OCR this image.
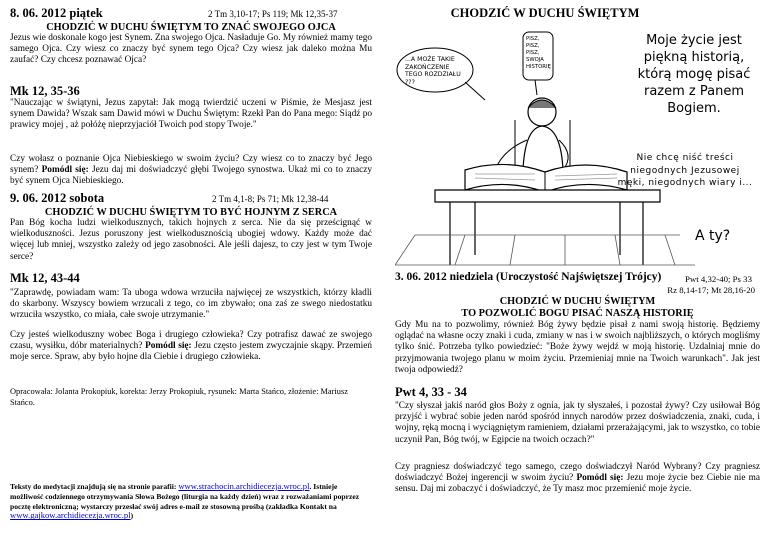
8. 06. 2012 piątek	2 Tm 3,10-17; Ps 119; Mk 12,35-37
CHODZIĆ W DUCHU ŚWIĘTYM TO ZNAĆ SWOJEGO OJCA
Jezus wie doskonale kogo jest Synem. Zna swojego Ojca. Nasładuje Go. My również mamy tego samego Ojca. Czy wiesz co znaczy być synem tego Ojca? Czy wiesz jak daleko można Mu zaufać? Czy chcesz poznawać Ojca?
Mk 12, 35-36
"Nauczając w świątyni, Jezus zapytał: Jak mogą twierdzić uczeni w Piśmie, że Mesjasz jest synem Dawida? Wszak sam Dawid mówi w Duchu Świętym: Rzekł Pan do Pana mego: Siądź po prawicy mojej , aż połóżę nieprzyjaciół Twoich pod stopy Twoje."
Czy wołasz o poznanie Ojca Niebieskiego w swoim życiu? Czy wiesz co to znaczy być Jego synem? Pomódl się: Jezu daj mi doświadczyć głębi Twojego synostwa. Ukaż mi co to znaczy być synem Ojca Niebieskiego.
9. 06. 2012 sobota	2 Tm 4,1-8; Ps 71; Mk 12,38-44
CHODZIĆ W DUCHU ŚWIĘTYM TO BYĆ HOJNYM Z SERCA
Pan Bóg kocha ludzi wielkodusznych, takich hojnych z serca. Nie da się prześcignąć w wielkoduszności. Jezus poruszony jest wielkodusznością ubogiej wdowy. Każdy może dać więcej lub mniej, wszystko zależy od jego zasobności. Ale jeśli dajesz, to czy jest w tym Twoje serce?
Mk 12, 43-44
"Zaprawdę, powiadam wam: Ta uboga wdowa wrzuciła najwięcej ze wszystkich, którzy kładli do skarbony. Wszyscy bowiem wrzucali z tego, co im zbywało; ona zaś ze swego niedostatku wrzuciła wszystko, co miała, całe swoje utrzymanie."
Czy jesteś wielkoduszny wobec Boga i drugiego człowieka? Czy potrafisz dawać ze swojego czasu, wysiłku, dóbr materialnych? Pomódl się: Jezu często jestem zwyczajnie skąpy. Przemień moje serce. Spraw, aby było hojne dla Ciebie i drugiego człowieka.
Opracowała: Jolanta Prokopiuk, korekta: Jerzy Prokopiuk, rysunek: Marta Stańco, złożenie: Mariusz Stańco.
Teksty do medytacji znajdują się na stronie parafii: www.strachocin.archidiecezja.wroc.pl. Istnieje możliwość codziennego otrzymywania Słowa Bożego (liturgia na każdy dzień) wraz z rozważaniami poprzez pocztę elektroniczną; wystarczy przesłać swój adres e-mail ze stosowną prośbą (zakładka Kontakt na www.gajkow.archidiecezja.wroc.pl)
CHODZIĆ W DUCHU ŚWIĘTYM
...A MOŻE TAKIE ZAKOŃCZENIE TEGO ROZDZIAŁU ???
PISZ, PISZ, PISZ, SWOJA HISTORIĘ
Moje życie jest piękną historią, którą mogę pisać razem z Panem Bogiem.
Nie chcę niść treści niegodnych Jezusowej męki, niegodnych wiary i...
A ty?
3. 06. 2012 niedziela (Uroczystość Najświętszej Trójcy)	Pwt 4,32-40; Ps 33
Rz 8,14-17; Mt 28,16-20
CHODZIĆ W DUCHU ŚWIĘTYM
TO POZWOLIĆ BOGU PISAĆ NASZĄ HISTORIĘ
Gdy Mu na to pozwolimy, również Bóg żywy będzie pisał z nami swoją historię. Będziemy oglądać na własne oczy znaki i cuda, zmiany w nas i w swoich najbliższych, o których mogliśmy tylko śnić. Potrzeba tylko powiedzieć: "Boże żywy wejdź w moją historię. Uzdalniaj mnie do przyjmowania twojego planu w moim życiu. Przemieniaj mnie na Twoich warunkach". Jak jest twoja odpowiedź?
Pwt 4, 33 - 34
"Czy słyszał jakiś naród głos Boży z ognia, jak ty słyszałeś, i pozostał żywy? Czy usiłował Bóg przyjść i wybrać sobie jeden naród spośród innych narodów przez doświadczenia, znaki, cuda, i wojny, ręką mocną i wyciągniętym ramieniem, działami przerażającymi, jak to wszystko, co tobie uczynił Pan, Bóg twój, w Egipcie na twoich oczach?"
Czy pragniesz doświadczyć tego samego, czego doświadczył Naród Wybrany? Czy pragniesz doświadczyć Bożej ingerencji w swoim życiu? Pomódl się: Jezu moje życie bez Ciebie nie ma sensu. Daj mi zobaczyć i doświadczyć, że Ty masz moc przemienić moje życie.
